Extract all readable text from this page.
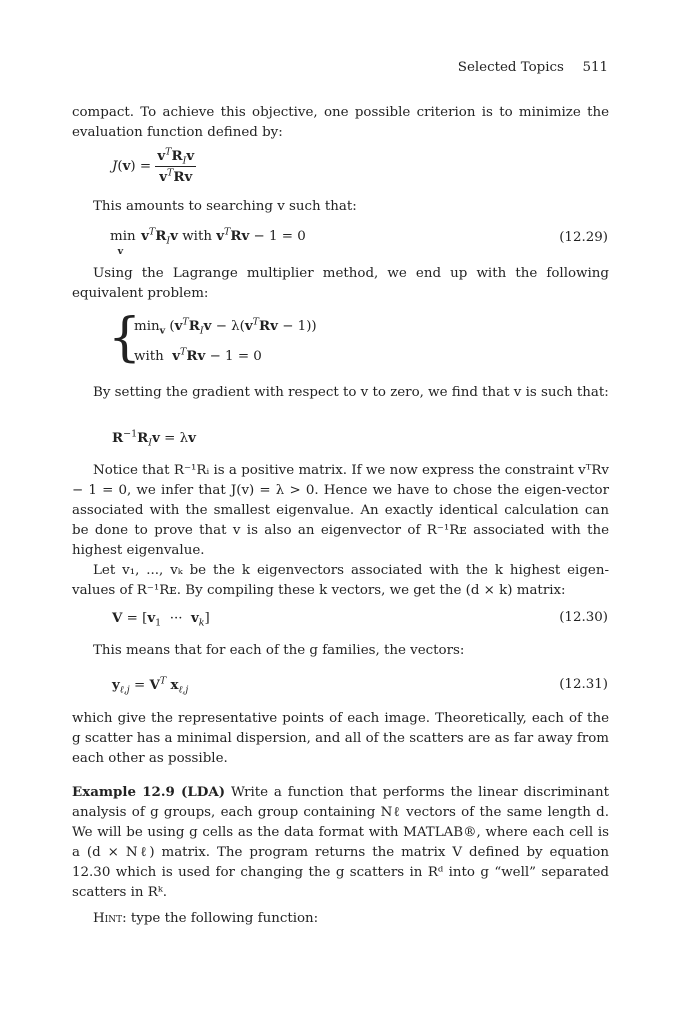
Selected Topics 511
compact. To achieve this objective, one possible criterion is to minimize the evaluation function defined by:
$J(v) = \frac{v^TR_Iv}{v^TRv}$
This amounts to searching v such that:
$\min_vv^TR_Iv$ with $v^TRv - 1 = 0$	(12.29)
Using the Lagrange multiplier method, we end up with the following equivalent problem:
{
$\min_v (v^TR_Iv - \lambda(v^TRv - 1))$
with  $v^TRv - 1 = 0$
By setting the gradient with respect to v to zero, we find that v is such that:
$R^{-1}R_Iv = \lambda v$
Notice that R⁻¹Rᵢ is a positive matrix. If we now express the constraint vᵀRv − 1 = 0, we infer that J(v) = λ > 0. Hence we have to chose the eigen-vector associated with the smallest eigenvalue. An exactly identical calculation can be done to prove that v is also an eigenvector of R⁻¹Rᴇ associated with the highest eigenvalue.
Let v₁, ..., vₖ be the k eigenvectors associated with the k highest eigen-values of R⁻¹Rᴇ. By compiling these k vectors, we get the (d × k) matrix:
$V = [v_1$  ···  $v_k$]	(12.30)
This means that for each of the g families, the vectors:
$y_{\ell,j} = V^T$ $x_{\ell,j}$	(12.31)
which give the representative points of each image. Theoretically, each of the g scatter has a minimal dispersion, and all of the scatters are as far away from each other as possible.
Example 12.9 (LDA) Write a function that performs the linear discriminant analysis of g groups, each group containing Nℓ vectors of the same length d. We will be using g cells as the data format with MATLAB®, where each cell is a (d × Nℓ) matrix. The program returns the matrix V defined by equation 12.30 which is used for changing the g scatters in Rᵈ into g “well” separated scatters in Rᵏ.
Hint: type the following function:
